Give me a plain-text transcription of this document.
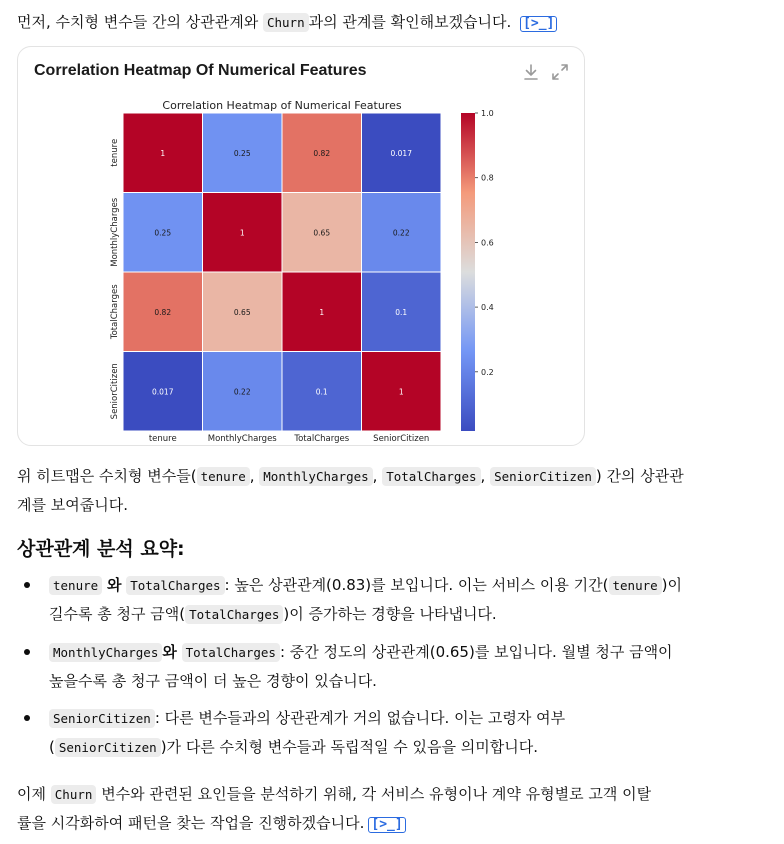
먼저, 수치형 변수들 간의 상관관계와 Churn 과의 관계를 확인해보겠습니다. [>_]

Correlation Heatmap Of Numerical Features
Correlation Heatmap of Numerical Features
1	0.25	0.82	0.017
0.25	1	0.65	0.22
0.82	0.65	1	0.1
0.017	0.22	0.1	1
tenure	MonthlyCharges TotalCharges	SeniorCitizen
tenure
MonthlyCharges
TotalCharges
SeniorCitizen	0.2
0.4
0.6
0.8
1.0

위 히트맵은 수치형 변수들( tenure , MonthlyCharges , TotalCharges , SeniorCitizen ) 간의 상관관
계를 보여줍니다.

상관관계 분석 요약:
tenure 와 TotalCharges : 높은 상관관계(0.83)를 보입니다. 이는 서비스 이용 기간( tenure )이
길수록 총 청구 금액( TotalCharges )이 증가하는 경향을 나타냅니다.
MonthlyCharges 와 TotalCharges : 중간 정도의 상관관계(0.65)를 보입니다. 월별 청구 금액이
높을수록 총 청구 금액이 더 높은 경향이 있습니다.
SeniorCitizen : 다른 변수들과의 상관관계가 거의 없습니다. 이는 고령자 여부
( SeniorCitizen )가 다른 수치형 변수들과 독립적일 수 있음을 의미합니다.

이제 Churn 변수와 관련된 요인들을 분석하기 위해, 각 서비스 유형이나 계약 유형별로 고객 이탈
률을 시각화하여 패턴을 찾는 작업을 진행하겠습니다. [>_]
